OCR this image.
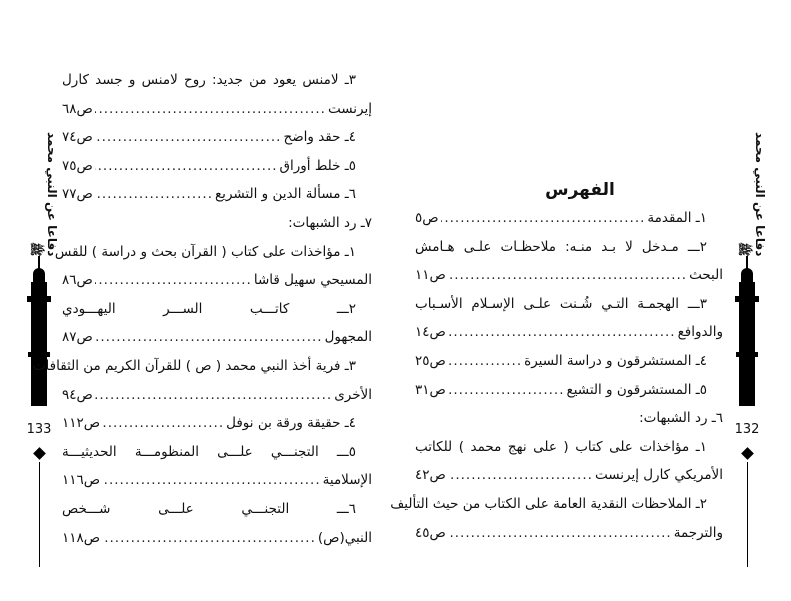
دفاعا عن النبي محمد ﷺ
133
٣ـ لامنس يعود من جديد: روح لامنس و جسد كارل
إيرنست
.....
ص٦٨
٤ـ حقد واضح
.....
ص٧٤
٥ـ خلط أوراق
.....
ص٧٥
٦ـ مسألة الدين و التشريع
.....
ص٧٧
٧ـ رد الشبهات:
١ـ مؤاخذات على كتاب ( القرآن بحث و دراسة ) للقس
المسيحي سهيل قاشا
.....
ص٨٦
٢ـــ كاتـــب الســـر اليهـــودي
المجهول
.....
ص٨٧
٣ـ فرية أخذ النبي محمد ( ص ) للقرآن الكريم من الثقافات
الأخرى
.....
ص٩٤
٤ـ حقيقة ورقة بن نوفل
.....
ص١١٢
٥ـــ التجنـــي علـــى المنظومـــة الحديثيـــة
الإسلامية
.....
ص١١٦
٦ـــ التجنـــي علـــى شـــخص
النبي(ص)
.....
ص١١٨
الفهرس	دفاعا عن النبي محمد ﷺ
132
١ـ المقدمة
.....
ص٥
٢ـــ مـدخل لا بـد منـه: ملاحظـات علـى هـامش
البحث
.....
ص١١
٣ـــ الهجمـة التـي شُـنت علـى الإسـلام الأسـباب
والدوافع
.....
ص١٤
٤ـ المستشرقون و دراسة السيرة
.....
ص٢٥
٥ـ المستشرقون و التشيع
.....
ص٣١
٦ـ رد الشبهات:
١ـ مؤاخذات على كتاب ( على نهج محمد ) للكاتب
الأمريكي كارل إيرنست
.....
ص٤٢
٢ـ الملاحظات النقدية العامة على الكتاب من حيث التأليف
والترجمة
.....
ص٤٥
